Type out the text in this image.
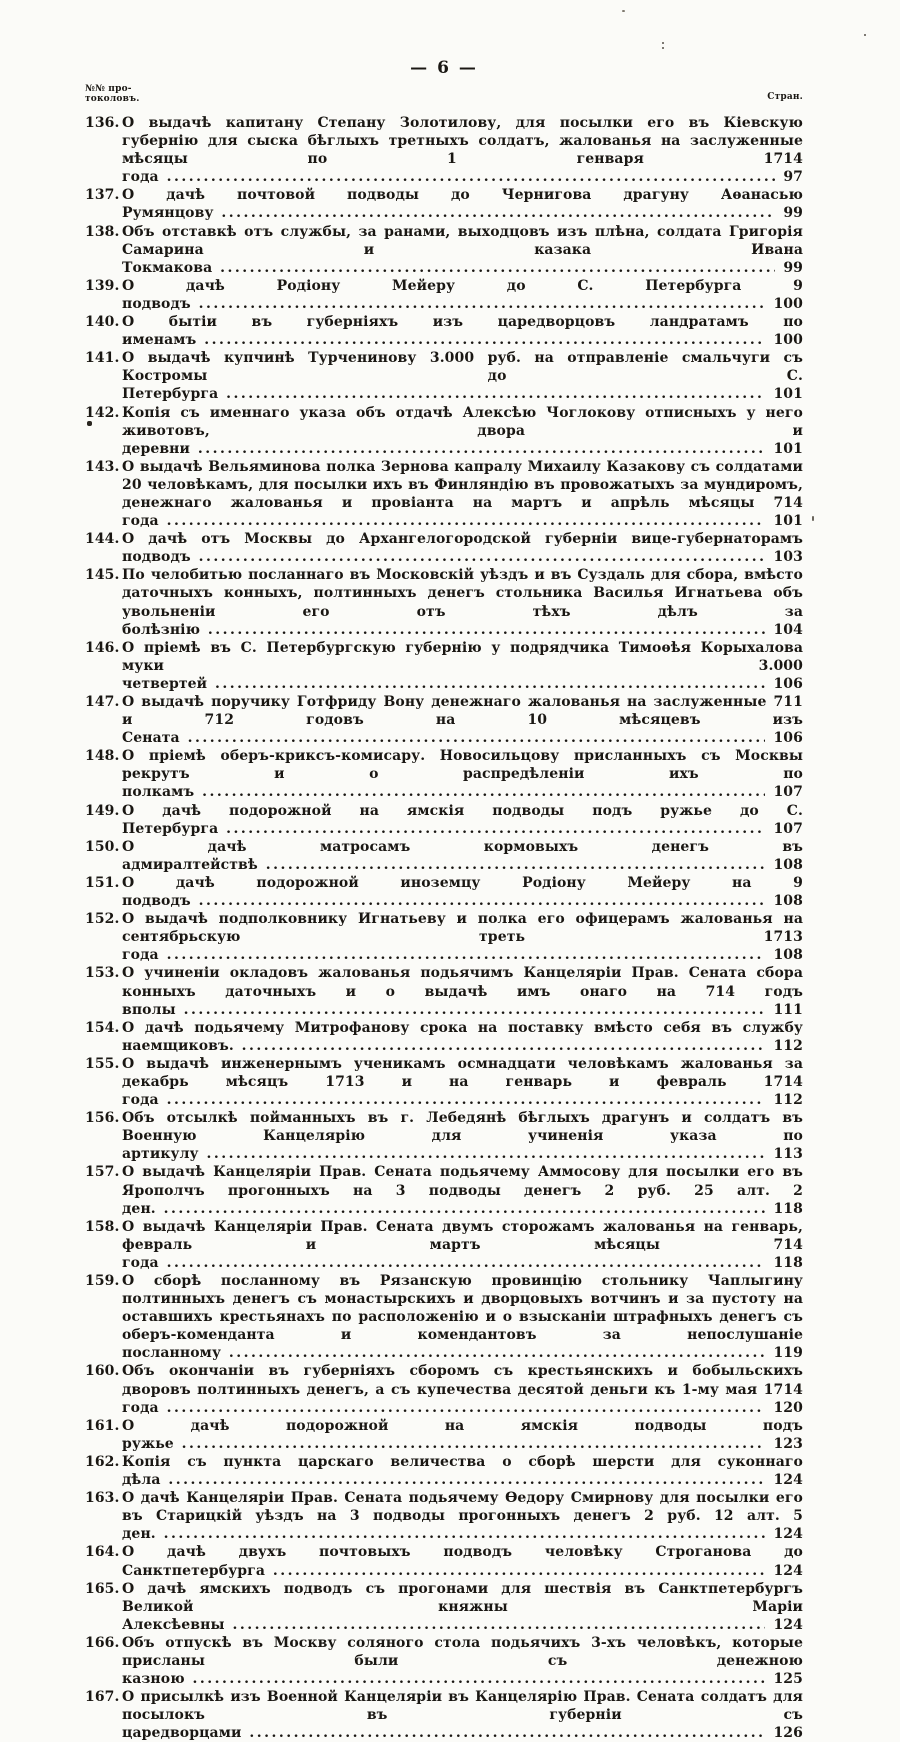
— 6 —
№№ про-
токоловъ.	Стран.
136. О выдачѣ капитану Степану Золотилову, для посылки его въ Кіевскую губернію для сыска бѣглыхъ третныхъ солдатъ, жалованья на заслуженные мѣсяцы по 1 генваря 1714 года .....	97
137. О дачѣ почтовой подводы до Чернигова драгуну Аѳанасью Румянцову .....	99
138. Объ отставкѣ отъ службы, за ранами, выходцовъ изъ плѣна, солдата Григорія Самарина и казака Ивана Токмакова .....	99
139. О дачѣ Родіону Мейеру до С. Петербурга 9 подводъ .....	100
140. О бытіи въ губерніяхъ изъ царедворцовъ ландратамъ по именамъ .....	100
141. О выдачѣ купчинѣ Турченинову 3.000 руб. на отправленіе смальчуги съ Костромы до С. Петербурга .....	101
142. Копія съ именнаго указа объ отдачѣ Алексѣю Чоглокову отписныхъ у него животовъ, двора и деревни .....	101
143. О выдачѣ Вельяминова полка Зернова капралу Михаилу Казакову съ солдатами 20 человѣкамъ, для посылки ихъ въ Финляндію въ провожатыхъ за мундиромъ, денежнаго жалованья и провіанта на мартъ и апрѣль мѣсяцы 714 года .....	101
144. О дачѣ отъ Москвы до Архангелогородской губерніи вице-губернаторамъ подводъ .....	103
145. По челобитью посланнаго въ Московскій уѣздъ и въ Суздаль для сбора, вмѣсто даточныхъ конныхъ, полтинныхъ денегъ стольника Василья Игнатьева объ увольненіи его отъ тѣхъ дѣлъ за болѣзнію .....	104
146. О пріемѣ въ С. Петербургскую губернію у подрядчика Тимоѳѣя Корыхалова муки 3.000 четвертей .....	106
147. О выдачѣ поручику Готфриду Вону денежнаго жалованья на заслуженные 711 и 712 годовъ на 10 мѣсяцевъ изъ Сената .....	106
148. О пріемѣ оберъ-криксъ-комисару. Новосильцову присланныхъ съ Москвы рекрутъ и о распредѣленіи ихъ по полкамъ .....	107
149. О дачѣ подорожной на ямскія подводы подъ ружье до С. Петербурга .....	107
150. О дачѣ матросамъ кормовыхъ денегъ въ адмиралтействѣ .....	108
151. О дачѣ подорожной иноземцу Родіону Мейеру на 9 подводъ .....	108
152. О выдачѣ подполковнику Игнатьеву и полка его офицерамъ жалованья на сентябрьскую треть 1713 года .....	108
153. О учиненіи окладовъ жалованья подьячимъ Канцеляріи Прав. Сената сбора конныхъ даточныхъ и о выдачѣ имъ онаго на 714 годъ вполы .....	111
154. О дачѣ подьячему Митрофанову срока на поставку вмѣсто себя въ службу наемщиковъ. .....	112
155. О выдачѣ инженернымъ ученикамъ осмнадцати человѣкамъ жалованья за декабрь мѣсяцъ 1713 и на генварь и февраль 1714 года .....	112
156. Объ отсылкѣ пойманныхъ въ г. Лебедянѣ бѣглыхъ драгунъ и солдатъ въ Военную Канцелярію для учиненія указа по артикулу .....	113
157. О выдачѣ Канцеляріи Прав. Сената подьячему Аммосову для посылки его въ Ярополчъ прогонныхъ на 3 подводы денегъ 2 руб. 25 алт. 2 ден. .....	118
158. О выдачѣ Канцеляріи Прав. Сената двумъ сторожамъ жалованья на генварь, февраль и мартъ мѣсяцы 714 года .....	118
159. О сборѣ посланному въ Рязанскую провинцію стольнику Чаплыгину полтинныхъ денегъ съ монастырскихъ и дворцовыхъ вотчинъ и за пустоту на оставшихъ крестьянахъ по расположенію и о взысканіи штрафныхъ денегъ съ оберъ-коменданта и комендантовъ за непослушаніе посланному .....	119
160. Объ окончаніи въ губерніяхъ сборомъ съ крестьянскихъ и бобыльскихъ дворовъ полтинныхъ денегъ, а съ купечества десятой деньги къ 1-му мая 1714 года .....	120
161. О дачѣ подорожной на ямскія подводы подъ ружье .....	123
162. Копія съ пункта царскаго величества о сборѣ шерсти для суконнаго дѣла .....	124
163. О дачѣ Канцеляріи Прав. Сената подьячему Ѳедору Смирнову для посылки его въ Старицкій уѣздъ на 3 подводы прогонныхъ денегъ 2 руб. 12 алт. 5 ден. .....	124
164. О дачѣ двухъ почтовыхъ подводъ человѣку Строганова до Санктпетербурга .....	124
165. О дачѣ ямскихъ подводъ съ прогонами для шествія въ Санктпетербургъ Великой княжны Маріи Алексѣевны .....	124
166. Объ отпускѣ въ Москву соляного стола подьячихъ 3-хъ человѣкъ, которые присланы были съ денежною казною .....	125
167. О присылкѣ изъ Военной Канцеляріи въ Канцелярію Прав. Сената солдатъ для посылокъ въ губерніи съ царедворцами .....	126
